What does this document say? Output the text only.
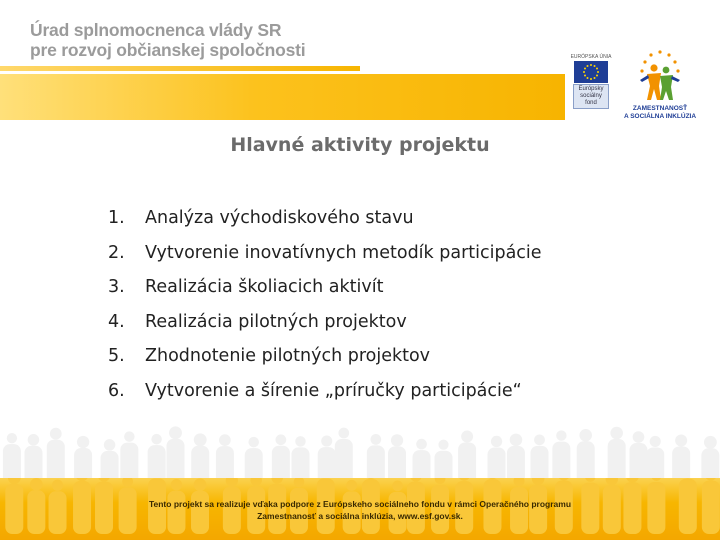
Úrad splnomocnenca vlády SR
pre rozvoj občianskej spoločnosti	EURÓPSKA ÚNIA
Európsky
sociálny
fond
ZAMESTNANOSŤ
A SOCIÁLNA INKLÚZIA
Hlavné aktivity projektu
1.	Analýza východiskového stavu
2.	Vytvorenie inovatívnych metodík participácie
3.	Realizácia školiacich aktivít
4.	Realizácia pilotných projektov
5.	Zhodnotenie pilotných projektov
6.	Vytvorenie a šírenie „príručky participácie“
Tento projekt sa realizuje vďaka podpore z Európskeho sociálneho fondu v rámci Operačného programu
Zamestnanosť a sociálna inklúzia, www.esf.gov.sk.
